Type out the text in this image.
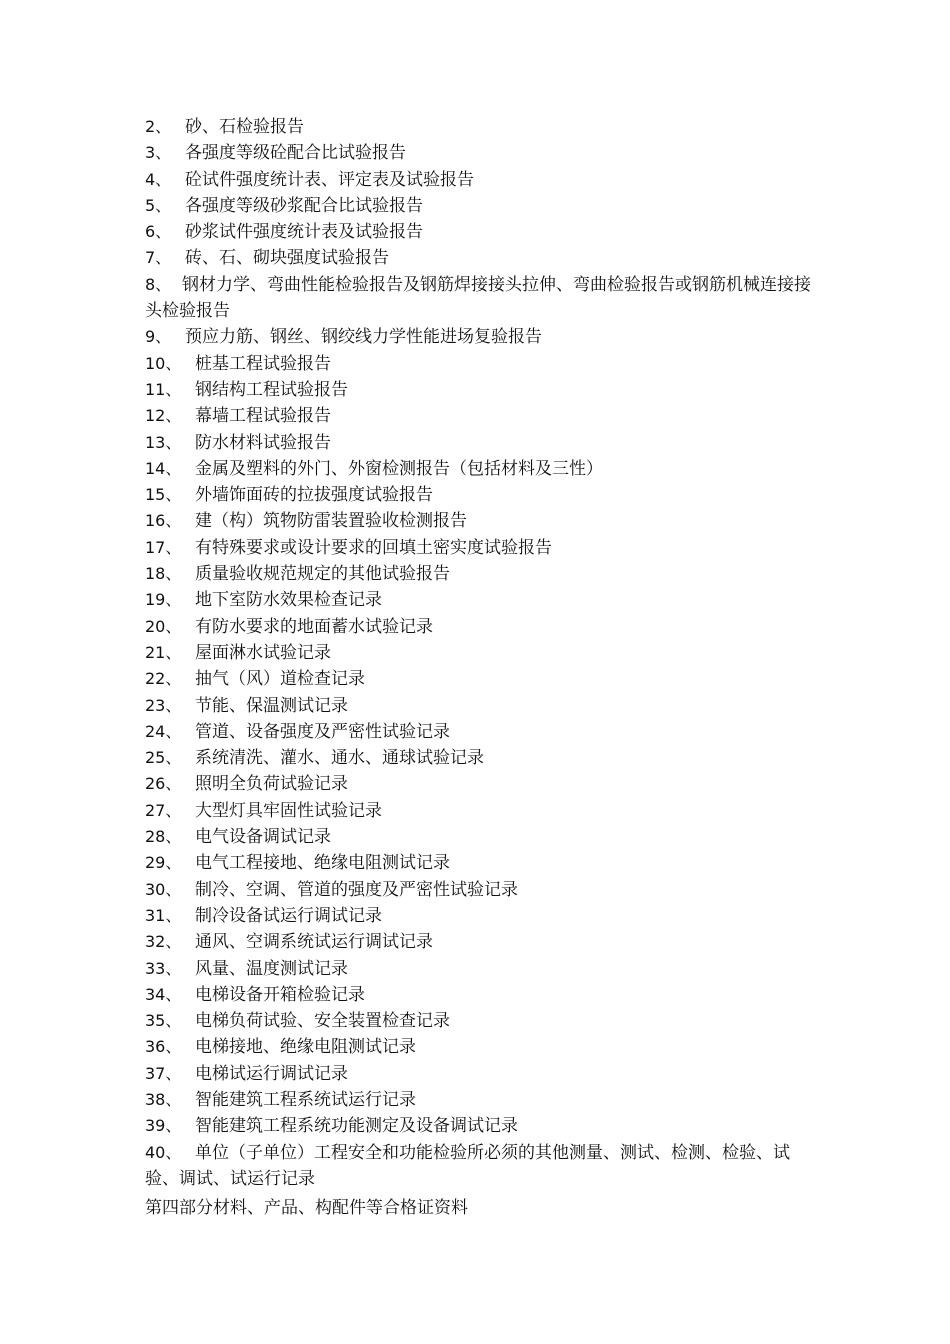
2、 砂、石检验报告
3、 各强度等级砼配合比试验报告
4、 砼试件强度统计表、评定表及试验报告
5、 各强度等级砂浆配合比试验报告
6、 砂浆试件强度统计表及试验报告
7、 砖、石、砌块强度试验报告
8、 钢材力学、弯曲性能检验报告及钢筋焊接接头拉伸、弯曲检验报告或钢筋机械连接接头检验报告
9、 预应力筋、钢丝、钢绞线力学性能进场复验报告
10、 桩基工程试验报告
11、 钢结构工程试验报告
12、 幕墙工程试验报告
13、 防水材料试验报告
14、 金属及塑料的外门、外窗检测报告（包括材料及三性）
15、 外墙饰面砖的拉拔强度试验报告
16、 建（构）筑物防雷装置验收检测报告
17、 有特殊要求或设计要求的回填土密实度试验报告
18、 质量验收规范规定的其他试验报告
19、 地下室防水效果检查记录
20、 有防水要求的地面蓄水试验记录
21、 屋面淋水试验记录
22、 抽气（风）道检查记录
23、 节能、保温测试记录
24、 管道、设备强度及严密性试验记录
25、 系统清洗、灌水、通水、通球试验记录
26、 照明全负荷试验记录
27、 大型灯具牢固性试验记录
28、 电气设备调试记录
29、 电气工程接地、绝缘电阻测试记录
30、 制冷、空调、管道的强度及严密性试验记录
31、 制冷设备试运行调试记录
32、 通风、空调系统试运行调试记录
33、 风量、温度测试记录
34、 电梯设备开箱检验记录
35、 电梯负荷试验、安全装置检查记录
36、 电梯接地、绝缘电阻测试记录
37、 电梯试运行调试记录
38、 智能建筑工程系统试运行记录
39、 智能建筑工程系统功能测定及设备调试记录
40、 单位（子单位）工程安全和功能检验所必须的其他测量、测试、检测、检验、试验、调试、试运行记录
第四部分材料、产品、构配件等合格证资料
